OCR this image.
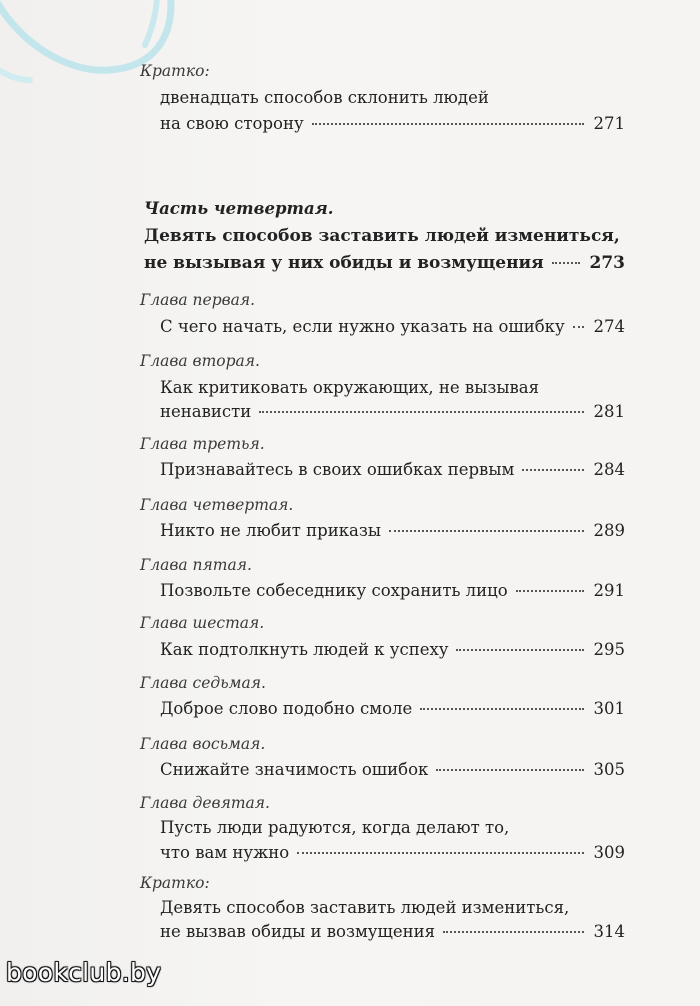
Кратко:
двенадцать способов склонить людей
на свою сторону	271
Часть четвертая.
Девять способов заставить людей измениться,
не вызывая у них обиды и возмущения	273
Глава первая.
С чего начать, если нужно указать на ошибку 274
Глава вторая.
Как критиковать окружающих, не вызывая
ненависти	281
Глава третья.
Признавайтесь в своих ошибках первым	284
Глава четвертая.
Никто не любит приказы	289
Глава пятая.
Позвольте собеседнику сохранить лицо	291
Глава шестая.
Как подтолкнуть людей к успеху	295
Глава седьмая.
Доброе слово подобно смоле	301
Глава восьмая.
Снижайте значимость ошибок	305
Глава девятая.
Пусть люди радуются, когда делают то,
что вам нужно	309
Кратко:
Девять способов заставить людей измениться,
не вызвав обиды и возмущения	314
bookclub.by
